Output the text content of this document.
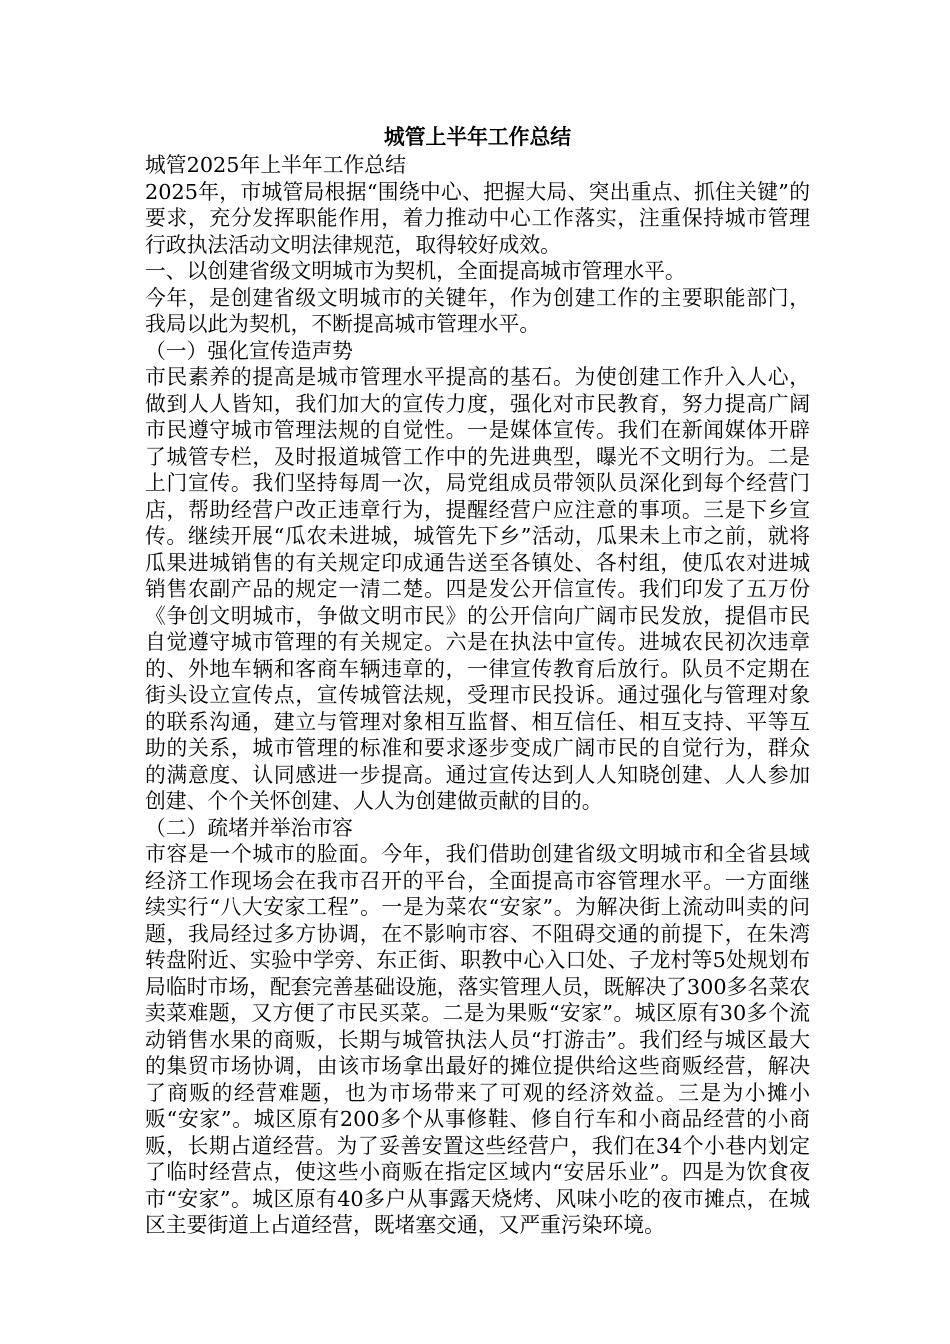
城管上半年工作总结

城管2025年上半年工作总结

2025年，市城管局根据“围绕中心、把握大局、突出重点、抓住关键”的要求，充分发挥职能作用，着力推动中心工作落实，注重保持城市管理行政执法活动文明法律规范，取得较好成效。

一、以创建省级文明城市为契机，全面提高城市管理水平。

今年，是创建省级文明城市的关键年，作为创建工作的主要职能部门，我局以此为契机，不断提高城市管理水平。

（一）强化宣传造声势

市民素养的提高是城市管理水平提高的基石。为使创建工作升入人心，做到人人皆知，我们加大的宣传力度，强化对市民教育，努力提高广阔市民遵守城市管理法规的自觉性。一是媒体宣传。我们在新闻媒体开辟了城管专栏，及时报道城管工作中的先进典型，曝光不文明行为。二是上门宣传。我们坚持每周一次，局党组成员带领队员深化到每个经营门店，帮助经营户改正违章行为，提醒经营户应注意的事项。三是下乡宣传。继续开展“瓜农未进城，城管先下乡”活动，瓜果未上市之前，就将瓜果进城销售的有关规定印成通告送至各镇处、各村组，使瓜农对进城销售农副产品的规定一清二楚。四是发公开信宣传。我们印发了五万份《争创文明城市，争做文明市民》的公开信向广阔市民发放，提倡市民自觉遵守城市管理的有关规定。六是在执法中宣传。进城农民初次违章的、外地车辆和客商车辆违章的，一律宣传教育后放行。队员不定期在街头设立宣传点，宣传城管法规，受理市民投诉。通过强化与管理对象的联系沟通，建立与管理对象相互监督、相互信任、相互支持、平等互助的关系，城市管理的标准和要求逐步变成广阔市民的自觉行为，群众的满意度、认同感进一步提高。通过宣传达到人人知晓创建、人人参加创建、个个关怀创建、人人为创建做贡献的目的。

（二）疏堵并举治市容

市容是一个城市的脸面。今年，我们借助创建省级文明城市和全省县域经济工作现场会在我市召开的平台，全面提高市容管理水平。一方面继续实行“八大安家工程”。一是为菜农“安家”。为解决街上流动叫卖的问题，我局经过多方协调，在不影响市容、不阻碍交通的前提下，在朱湾转盘附近、实验中学旁、东正街、职教中心入口处、子龙村等5处规划布局临时市场，配套完善基础设施，落实管理人员，既解决了300多名菜农卖菜难题，又方便了市民买菜。二是为果贩“安家”。城区原有30多个流动销售水果的商贩，长期与城管执法人员“打游击”。我们经与城区最大的集贸市场协调，由该市场拿出最好的摊位提供给这些商贩经营，解决了商贩的经营难题，也为市场带来了可观的经济效益。三是为小摊小贩“安家”。城区原有200多个从事修鞋、修自行车和小商品经营的小商贩，长期占道经营。为了妥善安置这些经营户，我们在34个小巷内划定了临时经营点，使这些小商贩在指定区域内“安居乐业”。四是为饮食夜市“安家”。城区原有40多户从事露天烧烤、风味小吃的夜市摊点，在城区主要街道上占道经营，既堵塞交通，又严重污染环境。
